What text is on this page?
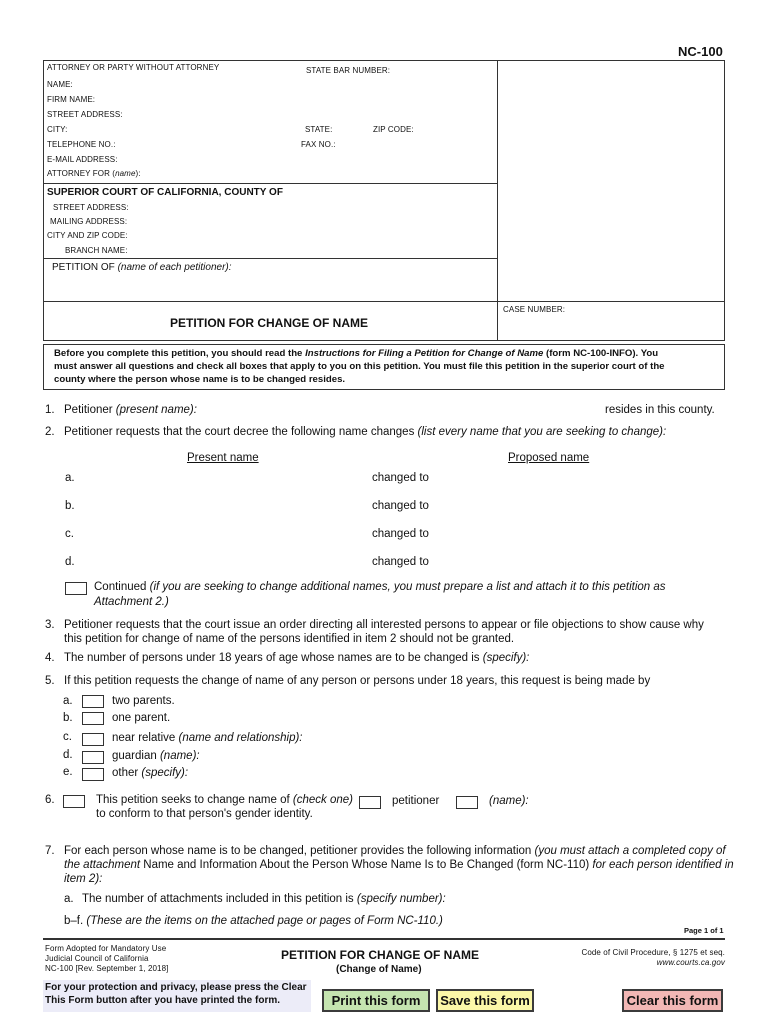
NC-100
ATTORNEY OR PARTY WITHOUT ATTORNEY	STATE BAR NUMBER:
NAME:
FIRM NAME:
STREET ADDRESS:
CITY:	STATE:	ZIP CODE:
TELEPHONE NO.:	FAX NO.:
E-MAIL ADDRESS:
ATTORNEY FOR (name):
SUPERIOR COURT OF CALIFORNIA, COUNTY OF
STREET ADDRESS:
MAILING ADDRESS:
CITY AND ZIP CODE:
BRANCH NAME:
PETITION OF (name of each petitioner):
CASE NUMBER:
PETITION FOR CHANGE OF NAME
Before you complete this petition, you should read the Instructions for Filing a Petition for Change of Name (form NC-100-INFO). You
must answer all questions and check all boxes that apply to you on this petition. You must file this petition in the superior court of the
county where the person whose name is to be changed resides.
1. Petitioner (present name):	resides in this county.
2. Petitioner requests that the court decree the following name changes (list every name that you are seeking to change):
Present name	Proposed name
a.	changed to
b.	changed to
c.	changed to
d.	changed to
Continued (if you are seeking to change additional names, you must prepare a list and attach it to this petition as
Attachment 2.)
3. Petitioner requests that the court issue an order directing all interested persons to appear or file objections to show cause why
this petition for change of name of the persons identified in item 2 should not be granted.
4. The number of persons under 18 years of age whose names are to be changed is (specify):
5. If this petition requests the change of name of any person or persons under 18 years, this request is being made by
a.	two parents.
b.	one parent.
c.	near relative (name and relationship):
d.	guardian (name):
e.	other (specify):
6.	This petition seeks to change name of (check one)	petitioner	(name):
to conform to that person's gender identity.
7. For each person whose name is to be changed, petitioner provides the following information (you must attach a completed copy of
the attachment Name and Information About the Person Whose Name Is to Be Changed (form NC-110) for each person identified in
item 2):
a. The number of attachments included in this petition is (specify number):
b–f. (These are the items on the attached page or pages of Form NC-110.)
Page 1 of 1
Form Adopted for Mandatory Use
Judicial Council of California
NC-100 [Rev. September 1, 2018]
PETITION FOR CHANGE OF NAME
(Change of Name)
Code of Civil Procedure, § 1275 et seq.
www.courts.ca.gov
For your protection and privacy, please press the Clear
This Form button after you have printed the form.	Print this form	Save this form	Clear this form
